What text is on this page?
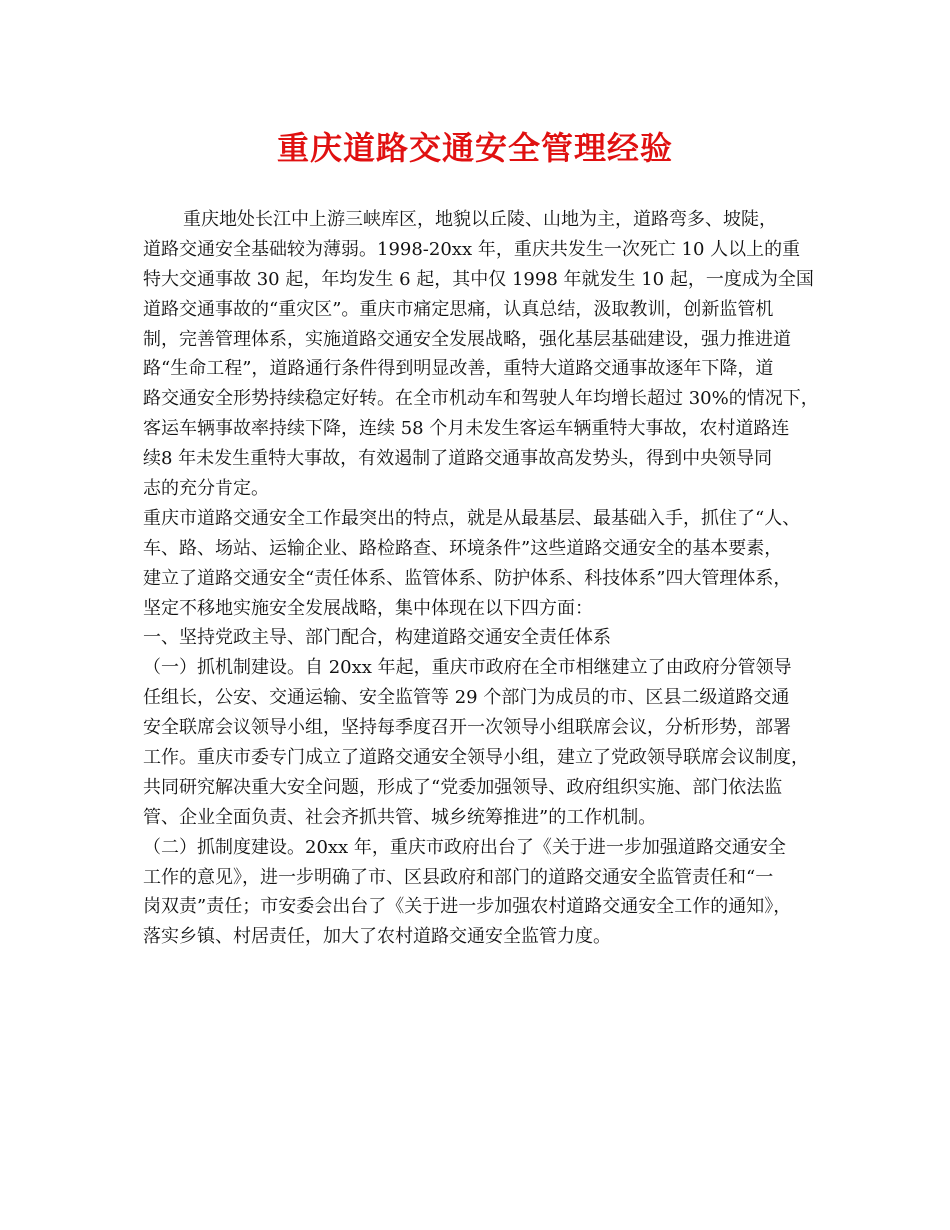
重庆道路交通安全管理经验
重庆地处长江中上游三峡库区，地貌以丘陵、山地为主，道路弯多、坡陡，
道路交通安全基础较为薄弱。1998-20xx 年，重庆共发生一次死亡 10 人以上的重
特大交通事故 30 起，年均发生 6 起，其中仅 1998 年就发生 10 起，一度成为全国
道路交通事故的“重灾区”。重庆市痛定思痛，认真总结，汲取教训，创新监管机
制，完善管理体系，实施道路交通安全发展战略，强化基层基础建设，强力推进道
路“生命工程”，道路通行条件得到明显改善，重特大道路交通事故逐年下降，道
路交通安全形势持续稳定好转。在全市机动车和驾驶人年均增长超过 30%的情况下，
客运车辆事故率持续下降，连续 58 个月未发生客运车辆重特大事故，农村道路连
续8 年未发生重特大事故，有效遏制了道路交通事故高发势头，得到中央领导同
志的充分肯定。
重庆市道路交通安全工作最突出的特点，就是从最基层、最基础入手，抓住了“人、
车、路、场站、运输企业、路检路查、环境条件”这些道路交通安全的基本要素，
建立了道路交通安全“责任体系、监管体系、防护体系、科技体系”四大管理体系，
坚定不移地实施安全发展战略，集中体现在以下四方面：
一、坚持党政主导、部门配合，构建道路交通安全责任体系
（一）抓机制建设。自 20xx 年起，重庆市政府在全市相继建立了由政府分管领导
任组长，公安、交通运输、安全监管等 29 个部门为成员的市、区县二级道路交通
安全联席会议领导小组，坚持每季度召开一次领导小组联席会议，分析形势，部署
工作。重庆市委专门成立了道路交通安全领导小组，建立了党政领导联席会议制度，
共同研究解决重大安全问题，形成了“党委加强领导、政府组织实施、部门依法监
管、企业全面负责、社会齐抓共管、城乡统筹推进”的工作机制。
（二）抓制度建设。20xx 年，重庆市政府出台了《关于进一步加强道路交通安全
工作的意见》，进一步明确了市、区县政府和部门的道路交通安全监管责任和“一
岗双责”责任；市安委会出台了《关于进一步加强农村道路交通安全工作的通知》，
落实乡镇、村居责任，加大了农村道路交通安全监管力度。
